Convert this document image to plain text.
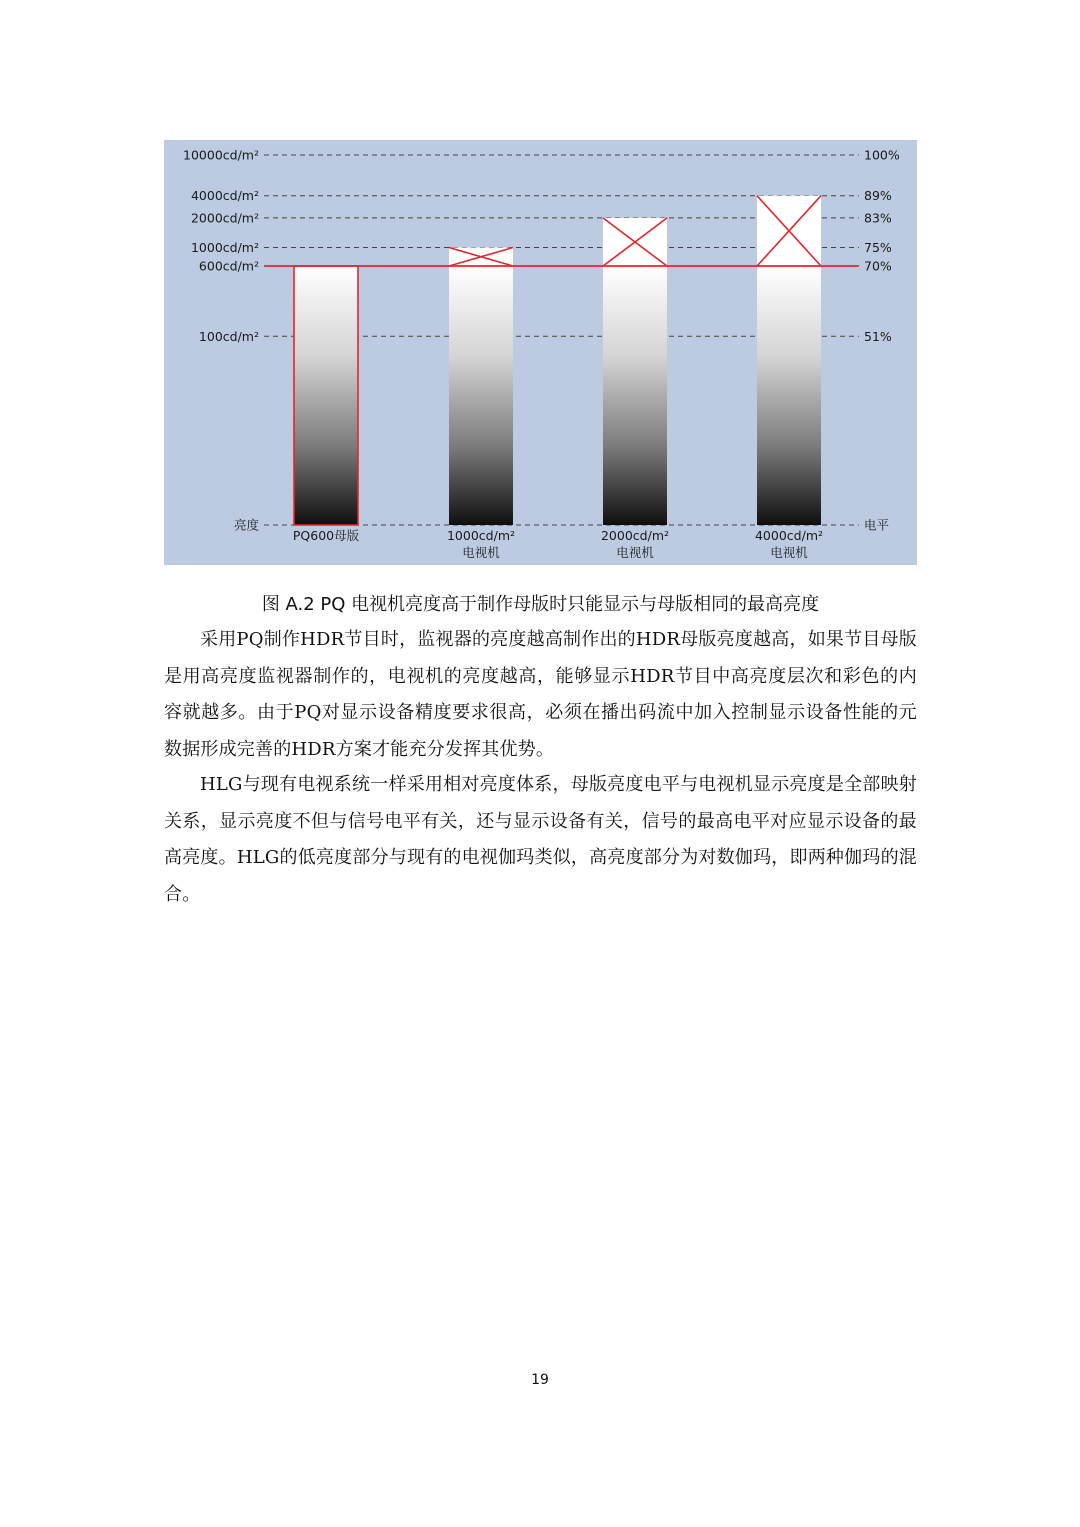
10000cd/m²	100%
4000cd/m²	89%
2000cd/m²	83%
1000cd/m²	75%
600cd/m²	70%
100cd/m²	51%
亮度	电平
PQ600母版	1000cd/m²
电视机
2000cd/m²
电视机
4000cd/m²
电视机
图 A.2 PQ 电视机亮度高于制作母版时只能显示与母版相同的最高亮度

采用PQ制作HDR节目时，监视器的亮度越高制作出的HDR母版亮度越高，如果节目母版是用高亮度监视器制作的，电视机的亮度越高，能够显示HDR节目中高亮度层次和彩色的内容就越多。由于PQ对显示设备精度要求很高，必须在播出码流中加入控制显示设备性能的元数据形成完善的HDR方案才能充分发挥其优势。

HLG与现有电视系统一样采用相对亮度体系，母版亮度电平与电视机显示亮度是全部映射关系，显示亮度不但与信号电平有关，还与显示设备有关，信号的最高电平对应显示设备的最高亮度。HLG的低亮度部分与现有的电视伽玛类似，高亮度部分为对数伽玛，即两种伽玛的混合。

19
